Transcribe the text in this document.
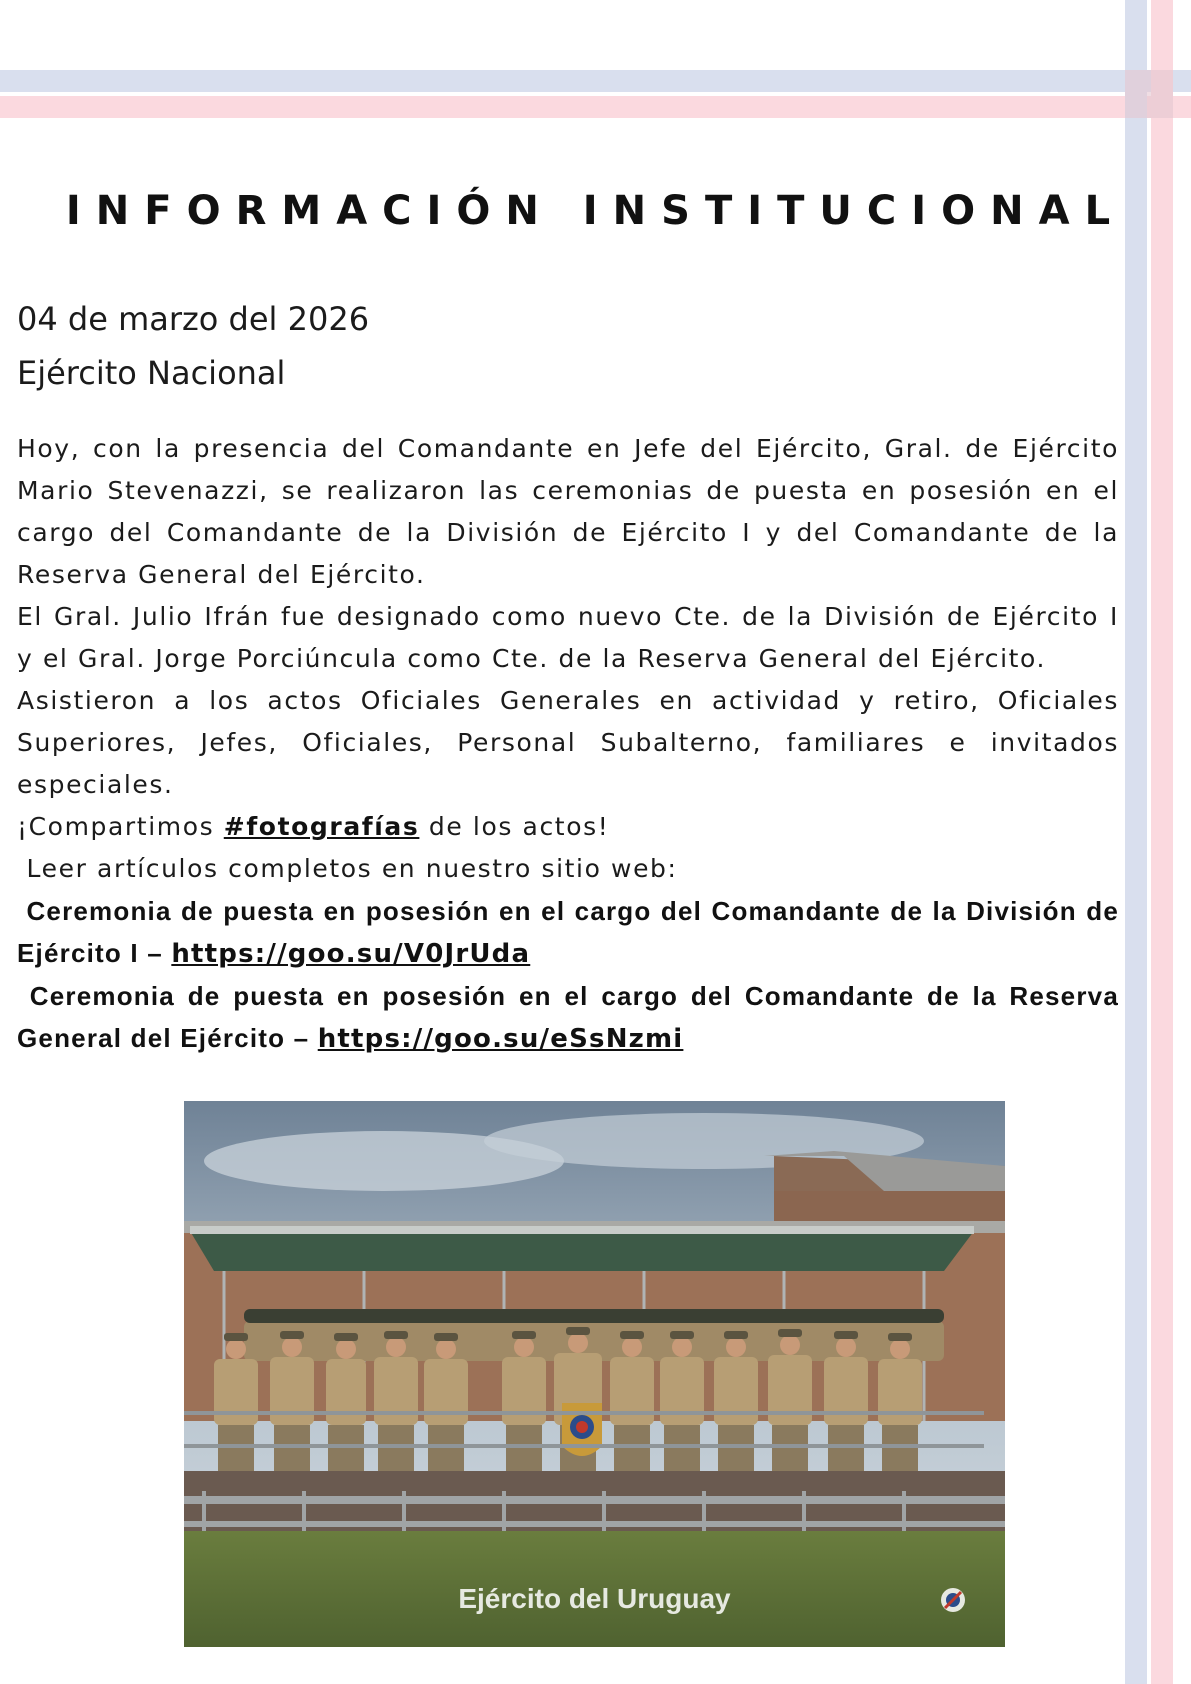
INFORMACIÓN INSTITUCIONAL
04 de marzo del 2026
Ejército Nacional

Hoy, con la presencia del Comandante en Jefe del Ejército, Gral. de Ejército Mario Stevenazzi, se realizaron las ceremonias de puesta en posesión en el cargo del Comandante de la División de Ejército I y del Comandante de la Reserva General del Ejército.

El Gral. Julio Ifrán fue designado como nuevo Cte. de la División de Ejército I y el Gral. Jorge Porciúncula como Cte. de la Reserva General del Ejército.

Asistieron a los actos Oficiales Generales en actividad y retiro, Oficiales Superiores, Jefes, Oficiales, Personal Subalterno, familiares e invitados especiales.

¡Compartimos #fotografías de los actos!

Leer artículos completos en nuestro sitio web:

Ceremonia de puesta en posesión en el cargo del Comandante de la División de Ejército I – https://goo.su/V0JrUda

Ceremonia de puesta en posesión en el cargo del Comandante de la Reserva General del Ejército – https://goo.su/eSsNzmi

Ejército del Uruguay
